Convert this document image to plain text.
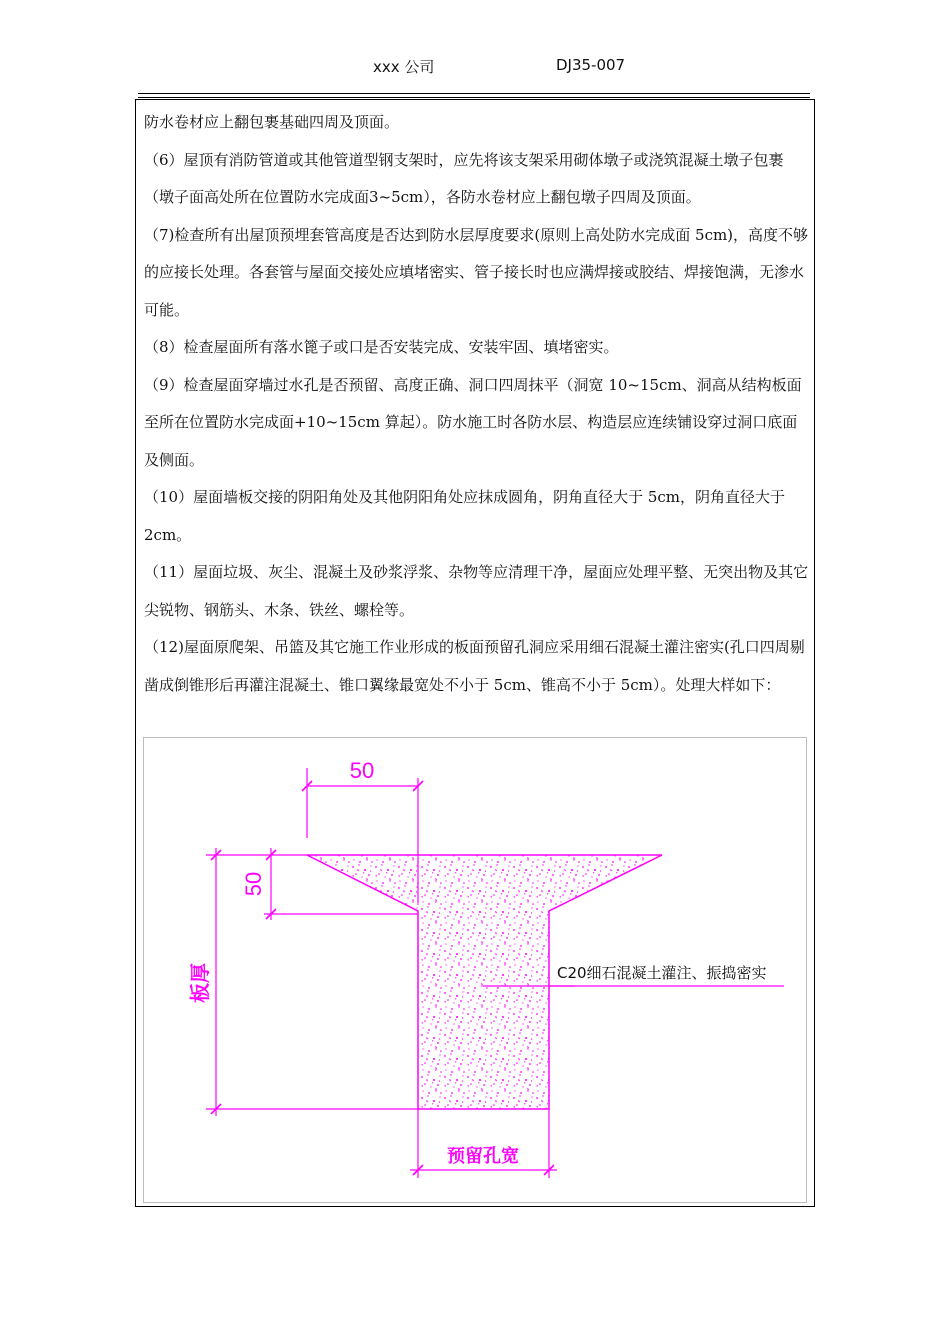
xxx 公司	DJ35-007

防水卷材应上翻包裹基础四周及顶面。

（6）屋顶有消防管道或其他管道型钢支架时，应先将该支架采用砌体墩子或浇筑混凝土墩子包裹（墩子面高处所在位置防水完成面3~5cm），各防水卷材应上翻包墩子四周及顶面。

（7)检查所有出屋顶预埋套管高度是否达到防水层厚度要求(原则上高处防水完成面 5cm)，高度不够的应接长处理。各套管与屋面交接处应填堵密实、管子接长时也应满焊接或胶结、焊接饱满，无渗水可能。

（8）检查屋面所有落水篦子或口是否安装完成、安装牢固、填堵密实。

（9）检查屋面穿墙过水孔是否预留、高度正确、洞口四周抹平（洞宽 10~15cm、洞高从结构板面至所在位置防水完成面+10~15cm 算起）。防水施工时各防水层、构造层应连续铺设穿过洞口底面及侧面。

（10）屋面墙板交接的阴阳角处及其他阴阳角处应抹成圆角，阴角直径大于 5cm，阴角直径大于 2cm。

（11）屋面垃圾、灰尘、混凝土及砂浆浮浆、杂物等应清理干净，屋面应处理平整、无突出物及其它尖锐物、钢筋头、木条、铁丝、螺栓等。

（12)屋面原爬架、吊篮及其它施工作业形成的板面预留孔洞应采用细石混凝土灌注密实(孔口四周剔凿成倒锥形后再灌注混凝土、锥口翼缘最宽处不小于 5cm、锥高不小于 5cm）。处理大样如下：

50
50
板厚
预留孔宽
C20细石混凝土灌注、振捣密实
